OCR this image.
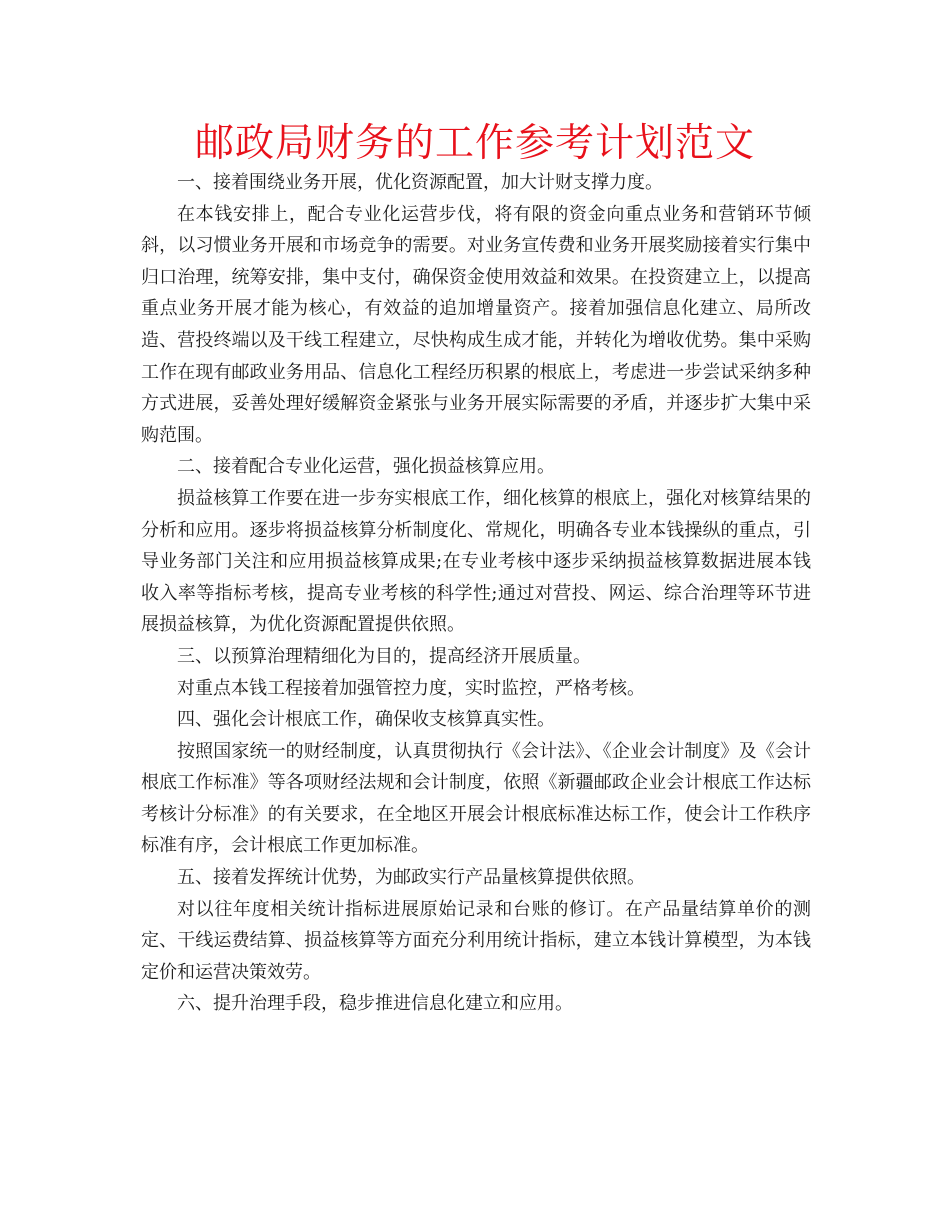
邮政局财务的工作参考计划范文

一、接着围绕业务开展，优化资源配置，加大计财支撑力度。

在本钱安排上，配合专业化运营步伐，将有限的资金向重点业务和营销环节倾斜，以习惯业务开展和市场竞争的需要。对业务宣传费和业务开展奖励接着实行集中归口治理，统筹安排，集中支付，确保资金使用效益和效果。在投资建立上，以提高重点业务开展才能为核心，有效益的追加增量资产。接着加强信息化建立、局所改造、营投终端以及干线工程建立，尽快构成生成才能，并转化为增收优势。集中采购工作在现有邮政业务用品、信息化工程经历积累的根底上，考虑进一步尝试采纳多种方式进展，妥善处理好缓解资金紧张与业务开展实际需要的矛盾，并逐步扩大集中采购范围。

二、接着配合专业化运营，强化损益核算应用。

损益核算工作要在进一步夯实根底工作，细化核算的根底上，强化对核算结果的分析和应用。逐步将损益核算分析制度化、常规化，明确各专业本钱操纵的重点，引导业务部门关注和应用损益核算成果;在专业考核中逐步采纳损益核算数据进展本钱收入率等指标考核，提高专业考核的科学性;通过对营投、网运、综合治理等环节进展损益核算，为优化资源配置提供依照。

三、以预算治理精细化为目的，提高经济开展质量。

对重点本钱工程接着加强管控力度，实时监控，严格考核。

四、强化会计根底工作，确保收支核算真实性。

按照国家统一的财经制度，认真贯彻执行《会计法》、《企业会计制度》及《会计根底工作标准》等各项财经法规和会计制度，依照《新疆邮政企业会计根底工作达标考核计分标准》的有关要求，在全地区开展会计根底标准达标工作，使会计工作秩序标准有序，会计根底工作更加标准。

五、接着发挥统计优势，为邮政实行产品量核算提供依照。

对以往年度相关统计指标进展原始记录和台账的修订。在产品量结算单价的测定、干线运费结算、损益核算等方面充分利用统计指标，建立本钱计算模型，为本钱定价和运营决策效劳。

六、提升治理手段，稳步推进信息化建立和应用。
